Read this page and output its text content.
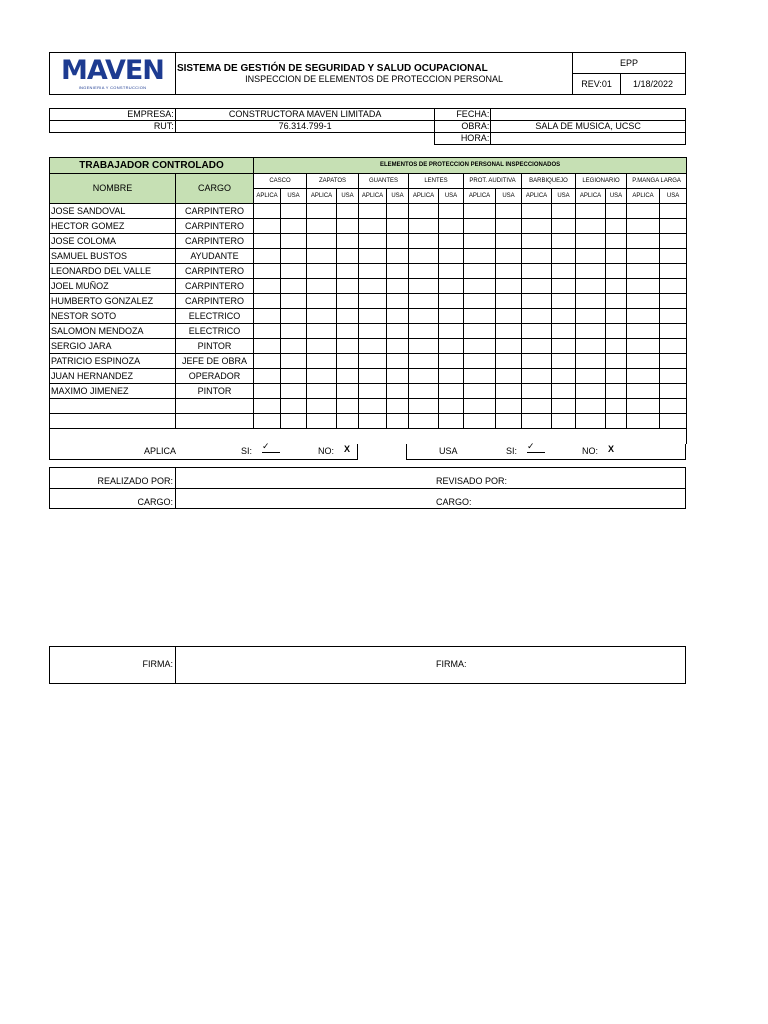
MAVEN
INGENIERIA Y CONSTRUCCION	SISTEMA DE GESTIÓN DE SEGURIDAD Y SALUD OCUPACIONAL	EPP	
	INSPECCION DE ELEMENTOS DE PROTECCION PERSONAL	REV:01	1/18/2022
EMPRESA:	CONSTRUCTORA MAVEN LIMITADA	FECHA:	
RUT:	76.314.799-1	OBRA:	SALA DE MUSICA, UCSC
		HORA:	
TRABAJADOR CONTROLADO		ELEMENTOS DE PROTECCION PERSONAL INSPECCIONADOS															
NOMBRE	CARGO	CASCO		ZAPATOS		GUANTES		LENTES		PROT. AUDITIVA		BARBIQUEJO		LEGIONARIO		P.MANGA LARGA	
		APLICA	USA	APLICA	USA	APLICA	USA	APLICA	USA	APLICA	USA	APLICA	USA	APLICA	USA	APLICA	USA
JOSE SANDOVAL	CARPINTERO																
HECTOR GOMEZ	CARPINTERO																
JOSE COLOMA	CARPINTERO																
SAMUEL BUSTOS	AYUDANTE																
LEONARDO DEL VALLE	CARPINTERO																
JOEL MUÑOZ	CARPINTERO																
HUMBERTO GONZALEZ	CARPINTERO																
NESTOR SOTO	ELECTRICO																
SALOMON MENDOZA	ELECTRICO																
SERGIO JARA	PINTOR																
PATRICIO ESPINOZA	JEFE DE OBRA																
JUAN HERNANDEZ	OPERADOR																
MAXIMO JIMENEZ	PINTOR																

APLICA	SI: ✓	NO: X	USA	SI: ✓	NO: X
REALIZADO POR:
CARGO:
REVISADO POR:
CARGO:
FIRMA:	FIRMA:
